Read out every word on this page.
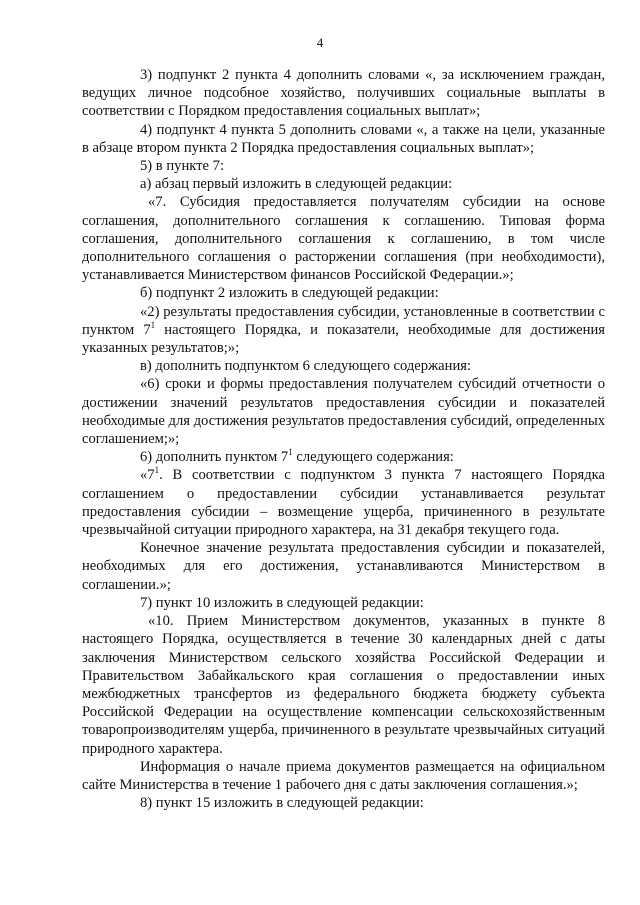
4

3) подпункт 2 пункта 4 дополнить словами «, за исключением граждан, ведущих личное подсобное хозяйство, получивших социальные выплаты в соответствии с Порядком предоставления социальных выплат»;

4) подпункт 4 пункта 5 дополнить словами «, а также на цели, указанные в абзаце втором пункта 2 Порядка предоставления социальных выплат»;

5) в пункте 7:

а) абзац первый изложить в следующей редакции:

«7. Субсидия предоставляется получателям субсидии на основе соглашения, дополнительного соглашения к соглашению. Типовая форма соглашения, дополнительного соглашения к соглашению, в том числе дополнительного соглашения о расторжении соглашения (при необходимости), устанавливается Министерством финансов Российской Федерации.»;

б) подпункт 2 изложить в следующей редакции:

«2) результаты предоставления субсидии, установленные в соответствии с пунктом $7^1$ настоящего Порядка, и показатели, необходимые для достижения указанных результатов;»;

в) дополнить подпунктом 6 следующего содержания:

«6) сроки и формы предоставления получателем субсидий отчетности о достижении значений результатов предоставления субсидии и показателей необходимые для достижения результатов предоставления субсидий, определенных соглашением;»;

6) дополнить пунктом $7^1$ следующего содержания:

«$7^1$. В соответствии с подпунктом 3 пункта 7 настоящего Порядка соглашением о предоставлении субсидии устанавливается результат предоставления субсидии – возмещение ущерба, причиненного в результате чрезвычайной ситуации природного характера, на 31 декабря текущего года.

Конечное значение результата предоставления субсидии и показателей, необходимых для его достижения, устанавливаются Министерством в соглашении.»;

7) пункт 10 изложить в следующей редакции:

«10. Прием Министерством документов, указанных в пункте 8 настоящего Порядка, осуществляется в течение 30 календарных дней с даты заключения Министерством сельского хозяйства Российской Федерации и Правительством Забайкальского края соглашения о предоставлении иных межбюджетных трансфертов из федерального бюджета бюджету субъекта Российской Федерации на осуществление компенсации сельскохозяйственным товаропроизводителям ущерба, причиненного в результате чрезвычайных ситуаций природного характера.

Информация о начале приема документов размещается на официальном сайте Министерства в течение 1 рабочего дня с даты заключения соглашения.»;

8) пункт 15 изложить в следующей редакции:
